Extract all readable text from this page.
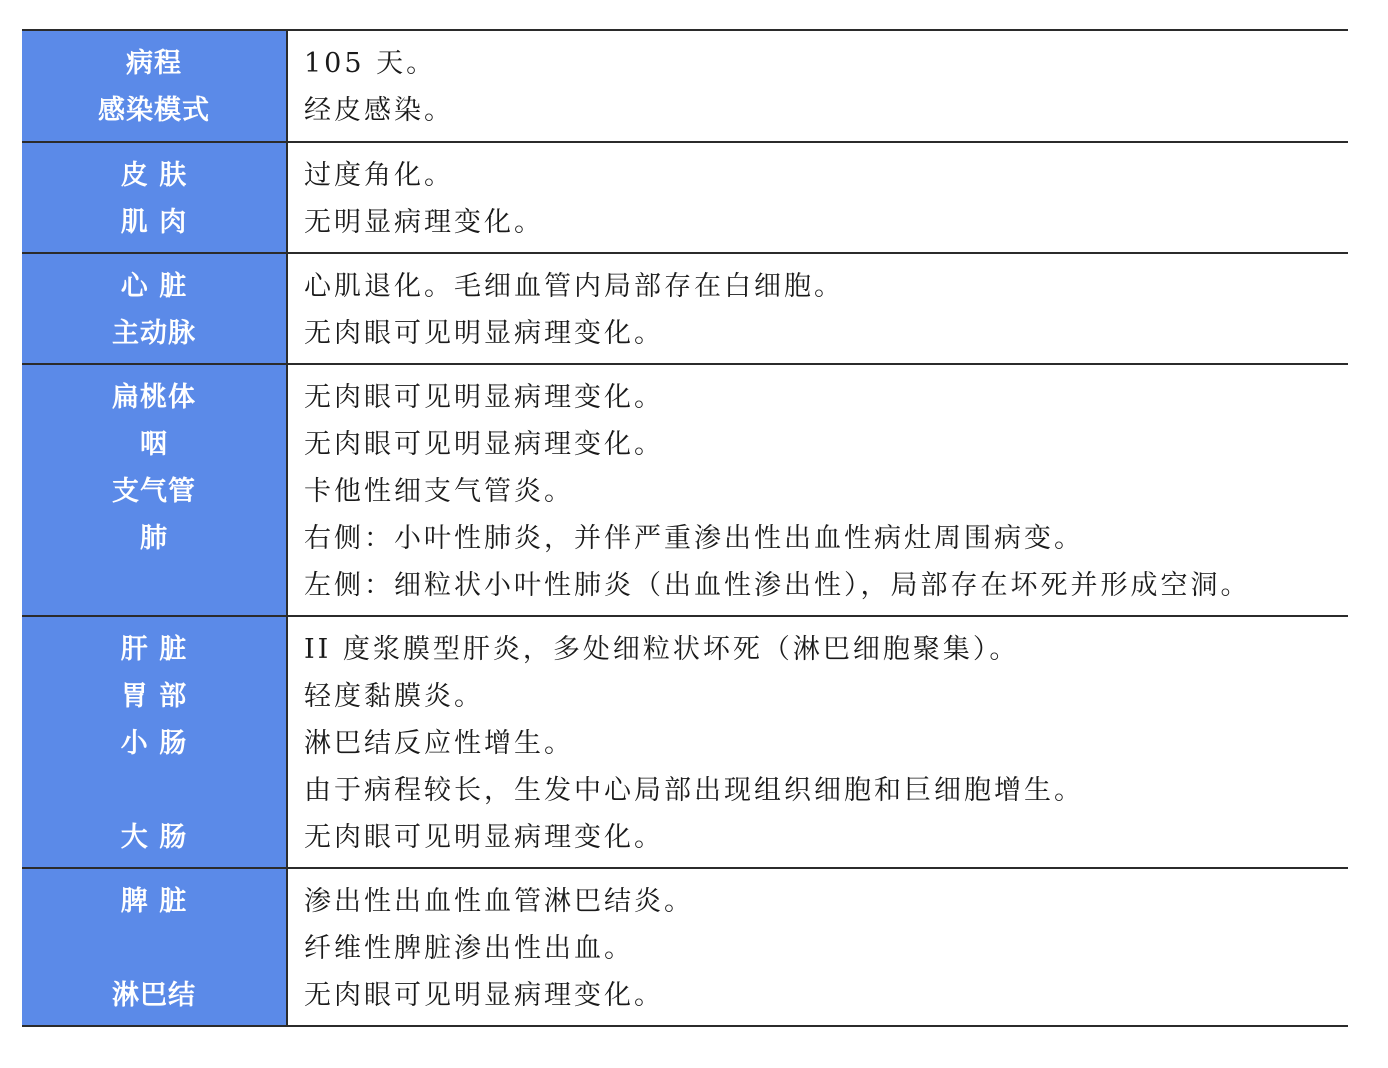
病程
感染模式
105 天。
经皮感染。
皮 肤
肌 肉
过度角化。
无明显病理变化。
心 脏
主动脉
心肌退化。毛细血管内局部存在白细胞。
无肉眼可见明显病理变化。
扁桃体
咽
支气管
肺
无肉眼可见明显病理变化。
无肉眼可见明显病理变化。
卡他性细支气管炎。
右侧：小叶性肺炎，并伴严重渗出性出血性病灶周围病变。
左侧：细粒状小叶性肺炎（出血性渗出性），局部存在坏死并形成空洞。
肝 脏
胃 部
小 肠
大 肠
II 度浆膜型肝炎，多处细粒状坏死（淋巴细胞聚集）。
轻度黏膜炎。
淋巴结反应性增生。
由于病程较长，生发中心局部出现组织细胞和巨细胞增生。
无肉眼可见明显病理变化。
脾 脏
淋巴结
渗出性出血性血管淋巴结炎。
纤维性脾脏渗出性出血。
无肉眼可见明显病理变化。
